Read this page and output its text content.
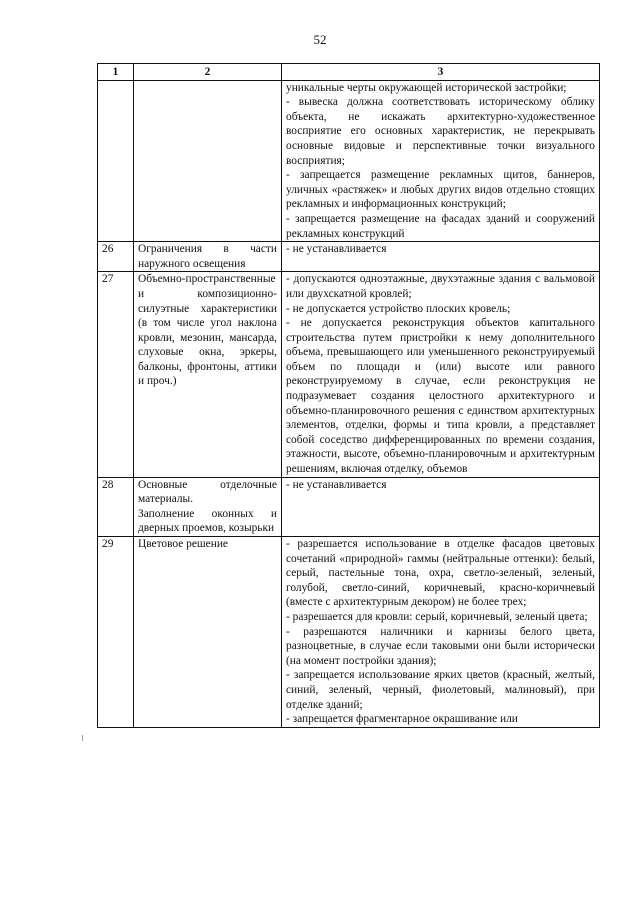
52
1	2	3

		уникальные черты окружающей исторической застройки;
- вывеска должна соответствовать историческому облику объекта, не искажать архитектурно-художественное восприятие его основных характеристик, не перекрывать основные видовые и перспективные точки визуального восприятия;
- запрещается размещение рекламных щитов, баннеров, уличных «растяжек» и любых других видов отдельно стоящих рекламных и информационных конструкций;
- запрещается размещение на фасадах зданий и сооружений рекламных конструкций

26	Ограничения в части наружного освещения	- не устанавливается

27	Объемно-пространственные и композиционно-силуэтные характеристики (в том числе угол наклона кровли, мезонин, мансарда, слуховые окна, эркеры, балконы, фронтоны, аттики и проч.)	- допускаются одноэтажные, двухэтажные здания с вальмовой или двухскатной кровлей;
- не допускается устройство плоских кровель;
- не допускается реконструкция объектов капитального строительства путем пристройки к нему дополнительного объема, превышающего или уменьшенного реконструируемый объем по площади и (или) высоте или равного реконструируемому в случае, если реконструкция не подразумевает создания целостного архитектурного и объемно-планировочного решения с единством архитектурных элементов, отделки, формы и типа кровли, а представляет собой соседство дифференцированных по времени создания, этажности, высоте, объемно-планировочным и архитектурным решениям, включая отделку, объемов

28	Основные отделочные материалы.
Заполнение оконных и дверных проемов, козырьки	- не устанавливается

29	Цветовое решение	- разрешается использование в отделке фасадов цветовых сочетаний «природной» гаммы (нейтральные оттенки): белый, серый, пастельные тона, охра, светло-зеленый, зеленый, голубой, светло-синий, коричневый, красно-коричневый (вместе с архитектурным декором) не более трех;
- разрешается для кровли: серый, коричневый, зеленый цвета;
- разрешаются наличники и карнизы белого цвета, разноцветные, в случае если таковыми они были исторически (на момент постройки здания);
- запрещается использование ярких цветов (красный, желтый, синий, зеленый, черный, фиолетовый, малиновый), при отделке зданий;
- запрещается фрагментарное окрашивание или
